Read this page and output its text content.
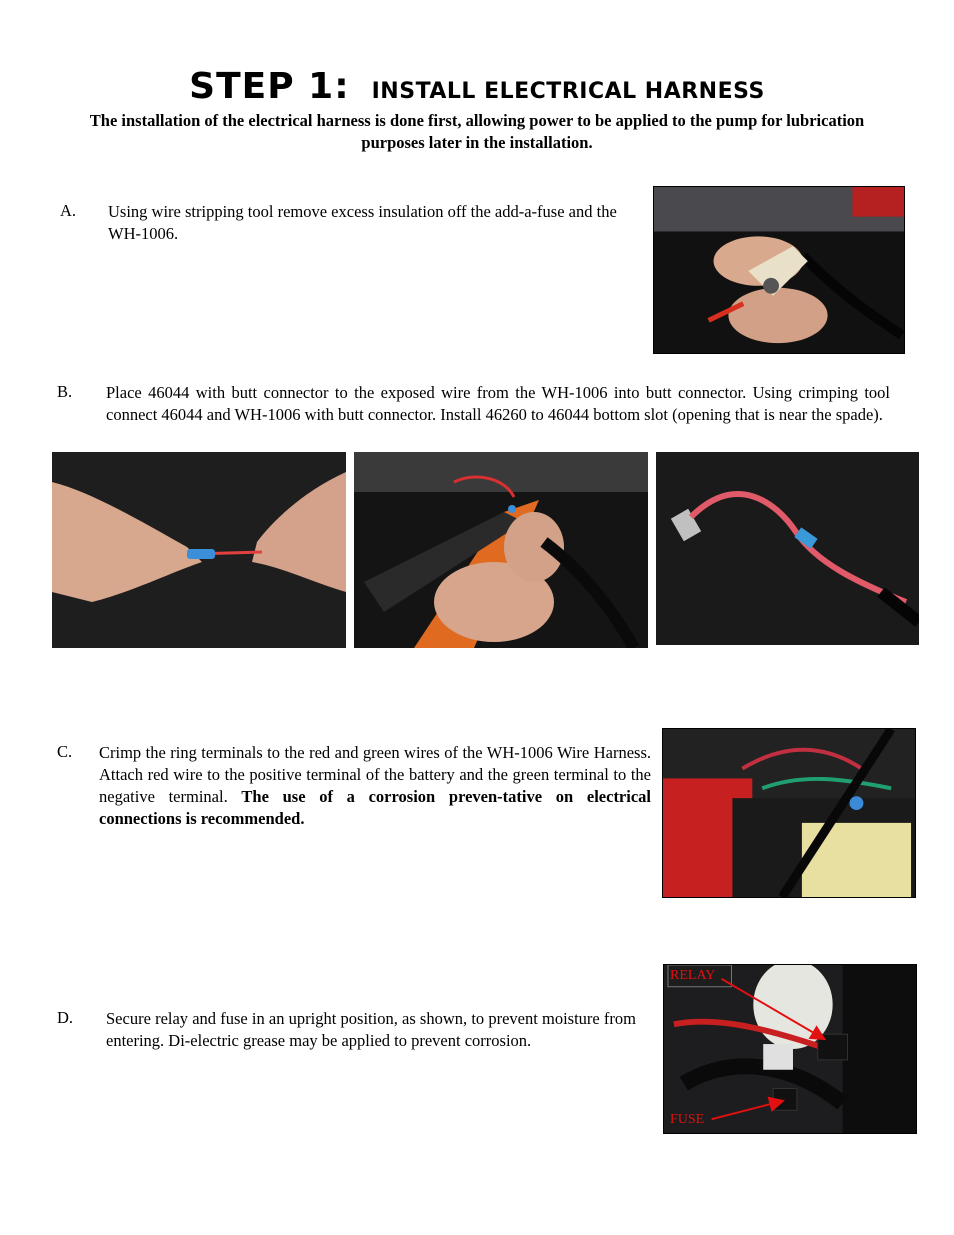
STEP 1: INSTALL ELECTRICAL HARNESS
The installation of the electrical harness is done first, allowing power to be applied to the pump for lubrication purposes later in the installation.
A. Using wire stripping tool remove excess insulation off the add-a-fuse and the WH-1006.
B. Place 46044 with butt connector to the exposed wire from the WH-1006 into butt connector. Using crimping tool connect 46044 and WH-1006 with butt connector. Install 46260 to 46044 bottom slot (opening that is near the spade).
C. Crimp the ring terminals to the red and green wires of the WH-1006 Wire Harness. Attach red wire to the positive terminal of the battery and the green terminal to the negative terminal. The use of a corrosion preven-tative on electrical connections is recommended.
D. Secure relay and fuse in an upright position, as shown, to prevent moisture from entering. Di-electric grease may be applied to prevent corrosion.
RELAY
FUSE
